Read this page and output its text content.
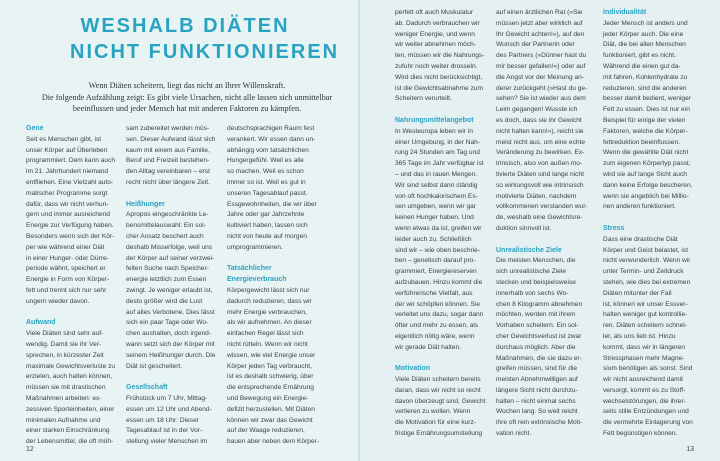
WESHALB DIÄTEN
NICHT FUNKTIONIEREN
Wenn Diäten scheitern, liegt das nicht an Ihrer Willenskraft.
Die folgende Aufzählung zeigt: Es gibt viele Ursachen, nicht alle lassen sich unmittelbar
beeinflussen und jeder Mensch hat mit anderen Faktoren zu kämpfen.
Gene
Seit es Menschen gibt, ist
unser Körper auf Überleben
programmiert. Dem kann auch
im 21. Jahrhundert niemand
entfliehen. Eine Vielzahl auto-
matischer Programme sorgt
dafür, dass wir nicht verhun-
gern und immer ausreichend
Energie zur Verfügung haben.
Besonders wenn sich der Kör-
per wie während einer Diät
in einer Hunger- oder Dürre-
periode wähnt, speichert er
Energie in Form von Körper-
fett und trennt sich nur sehr
ungern wieder davon.
Aufwand
Viele Diäten sind sehr auf-
wendig. Damit sie ihr Ver-
sprechen, in kürzester Zeit
maximale Gewichtsverluste zu
erzielen, auch halten können,
müssen sie mit drastischen
Maßnahmen arbeiten: ex-
zessiven Sporteinheiten, einer
minimalen Aufnahme und
einer starken Einschränkung
der Lebensmittel, die oft müh-
sam zubereitet werden müs-
sen. Dieser Aufwand lässt sich
kaum mit einem aus Familie,
Beruf und Freizeit bestehen-
den Alltag vereinbaren – erst
recht nicht über längere Zeit.
Heißhunger
Apropos eingeschränkte Le-
bensmittelauswahl: Ein sol-
cher Ansatz beschert auch
deshalb Misserfolge, weil uns
der Körper auf seiner verzwei-
felten Suche nach Speicher-
energie letztlich zum Essen
zwingt. Je weniger erlaubt ist,
desto größer wird die Lust
auf alles Verbotene. Dies lässt
sich ein paar Tage oder Wo-
chen aushalten, doch irgend-
wann setzt sich der Körper mit
seinem Heißhunger durch. Die
Diät ist gescheitert.
Gesellschaft
Frühstück um 7 Uhr, Mittag-
essen um 12 Uhr und Abend-
essen um 18 Uhr: Dieser
Tagesablauf ist in der Vor-
stellung vieler Menschen im
deutschsprachigen Raum fest
verankert. Wir essen dann un-
abhängig vom tatsächlichen
Hungergefühl. Weil es alle
so machen. Weil es schon
immer so ist. Weil es gut in
unseren Tagesablauf passt.
Essgewohnheiten, die wir über
Jahre oder gar Jahrzehnte
kultiviert haben, lassen sich
nicht von heute auf morgen
umprogrammieren.
Tatsächlicher
Energieverbrauch
Körpergewicht lässt sich nur
dadurch reduzieren, dass wir
mehr Energie verbrauchen,
als wir aufnehmen. An dieser
einfachen Regel lässt sich
nicht rütteln. Wenn wir nicht
wissen, wie viel Energie unser
Körper jeden Tag verbraucht,
ist es deshalb schwierig, über
die entsprechende Ernährung
und Bewegung ein Energie-
defizit herzustellen. Mit Diäten
können wir zwar das Gewicht
auf der Waage reduzieren,
bauen aber neben dem Körper-
12
perfett oft auch Muskulatur
ab. Dadurch verbrauchen wir
weniger Energie, und wenn
wir weiter abnehmen möch-
ten, müssen wir die Nahrungs-
zufuhr noch weiter drosseln.
Wird dies nicht berücksichtigt,
ist die Gewichtsabnahme zum
Scheitern verurteilt.
Nahrungsmittelangebot
In Westeuropa leben wir in
einer Umgebung, in der Nah-
rung 24 Stunden am Tag und
365 Tage im Jahr verfügbar ist
– und das in rauen Mengen.
Wir sind selbst dann ständig
von oft hochkalorischem Es-
sen umgeben, wenn wir gar
keinen Hunger haben. Und
wenn etwas da ist, greifen wir
leider auch zu. Schließlich
sind wir – wie oben beschrie-
ben – genetisch darauf pro-
grammiert, Energiereserven
aufzubauen. Hinzu kommt die
verführerische Vielfalt, aus
der wir schöpfen können. Sie
verleitet uns dazu, sogar dann
öfter und mehr zu essen, als
eigentlich nötig wäre, wenn
wir gerade Diät halten.
Motivation
Viele Diäten scheitern bereits
daran, dass wir nicht so recht
davon überzeugt sind, Gewicht
verlieren zu wollen. Wenn
die Motivation für eine kurz-
fristige Ernährungsumstellung
auf einen ärztlichen Rat (»Sie
müssen jetzt aber wirklich auf
Ihr Gewicht achten!«), auf den
Wunsch der Partnerin oder
des Partners (»Dünner hast du
mir besser gefallen!«) oder auf
die Angst vor der Meinung an-
derer zurückgeht (»Hast du ge-
sehen? Sie ist wieder aus dem
Leim gegangen! Wusste ich
es doch, dass sie ihr Gewicht
nicht halten kann!«), reicht sie
meist nicht aus, um eine echte
Veränderung zu bewirken. Ex-
trinsisch, also von außen mo-
tivierte Diäten sind lange nicht
so wirkungsvoll wie intrinsisch
motivierte Diäten, nachdem
vollkommenen verstanden wur-
de, weshalb eine Gewichtsre-
duktion sinnvoll ist.
Unrealistische Ziele
Die meisten Menschen, die
sich unrealistische Ziele
stecken und beispielsweise
innerhalb von sechs Wo-
chen 8 Kilogramm abnehmen
möchten, werden mit ihrem
Vorhaben scheitern. Ein sol-
cher Gewichtsverlust ist zwar
durchaus möglich. Aber die
Maßnahmen, die sie dazu er-
greifen müssen, sind für die
meisten Abnehmwilligen auf
längere Sicht nicht durchzu-
halten – nicht einmal sechs
Wochen lang. So weit reicht
ihre oft rein extrinsische Moti-
vation nicht.
Individualität
Jeder Mensch ist anders und
jeder Körper auch. Die eine
Diät, die bei allen Menschen
funktioniert, gibt es nicht.
Während die einen gut da-
mit fahren, Kohlenhydrate zu
reduzieren, sind die anderen
besser damit bedient, weniger
Fett zu essen. Dies ist nur ein
Beispiel für einige der vielen
Faktoren, welche die Körper-
fettreduktion beeinflussen.
Wenn die gewählte Diät nicht
zum eigenen Körpertyp passt,
wird sie auf lange Sicht auch
dann keine Erfolge bescheren,
wenn sie angeblich bei Millio-
nen anderen funktioniert.
Stress
Dass eine drastische Diät
Körper und Geist belastet, ist
nicht verwunderlich. Wenn wir
unter Termin- und Zeitdruck
stehen, wie dies bei extremen
Diäten mitunter der Fall
ist, können wir unser Essver-
halten weniger gut kontrollie-
ren. Diäten scheitern schnel-
ler, als uns lieb ist. Hinzu
kommt, dass wir in längeren
Stressphasen mehr Magne-
sium benötigen als sonst. Sind
wir nicht ausreichend damit
versorgt, kommt es zu Stoff-
wechselstörungen, die ihrer-
seits stille Entzündungen und
die vermehrte Einlagerung von
Fett begünstigen können.
13
